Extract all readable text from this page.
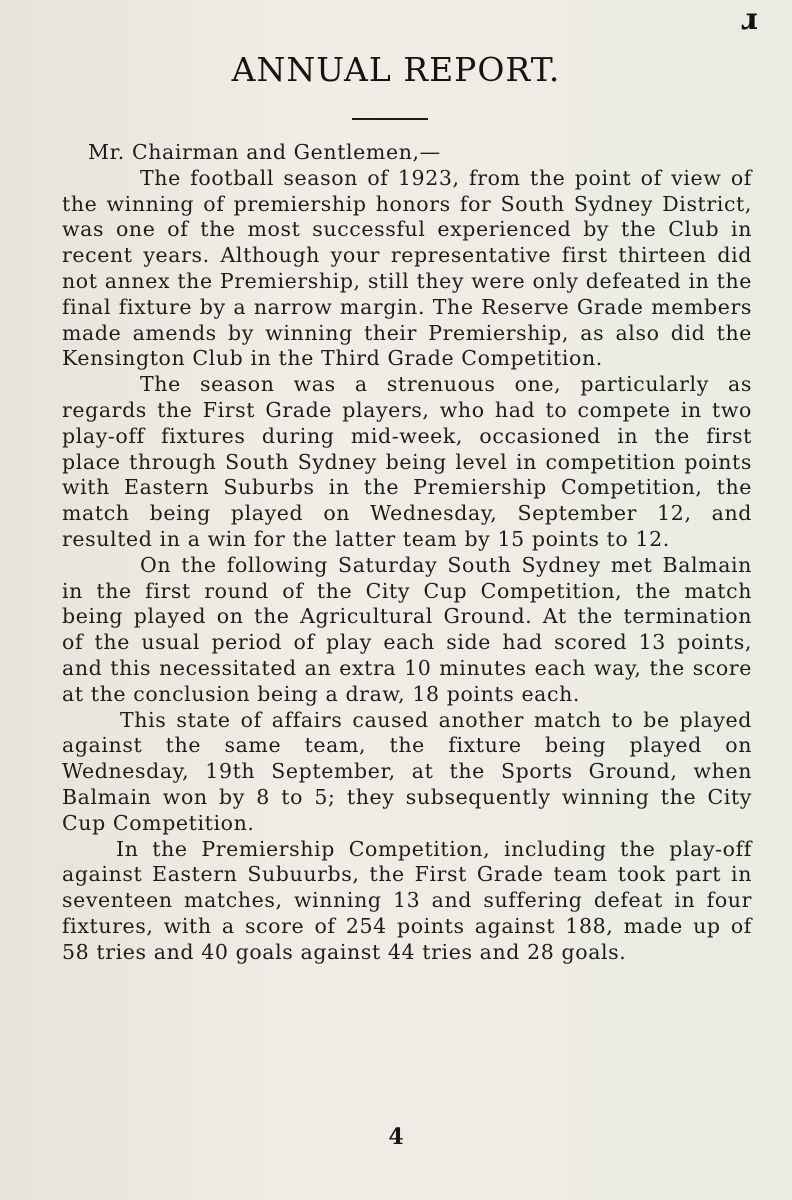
ɹ
ANNUAL REPORT.

Mr. Chairman and Gentlemen,—

The football season of 1923, from the point of view of the winning of premiership honors for South Sydney District, was one of the most successful experienced by the Club in recent years. Although your representative first thirteen did not annex the Premiership, still they were only defeated in the final fixture by a narrow margin. The Reserve Grade members made amends by winning their Premiership, as also did the Kensington Club in the Third Grade Competition.

The season was a strenuous one, particularly as regards the First Grade players, who had to compete in two play-off fixtures during mid-week, occasioned in the first place through South Sydney being level in competition points with Eastern Suburbs in the Premiership Competition, the match being played on Wednesday, September 12, and resulted in a win for the latter team by 15 points to 12.

On the following Saturday South Sydney met Balmain in the first round of the City Cup Competition, the match being played on the Agricultural Ground. At the termination of the usual period of play each side had scored 13 points, and this necessitated an extra 10 minutes each way, the score at the conclusion being a draw, 18 points each.

This state of affairs caused another match to be played against the same team, the fixture being played on Wednesday, 19th September, at the Sports Ground, when Balmain won by 8 to 5; they subsequently winning the City Cup Competition.

In the Premiership Competition, including the play-off against Eastern Subuurbs, the First Grade team took part in seventeen matches, winning 13 and suffering defeat in four fixtures, with a score of 254 points against 188, made up of 58 tries and 40 goals against 44 tries and 28 goals.

4
